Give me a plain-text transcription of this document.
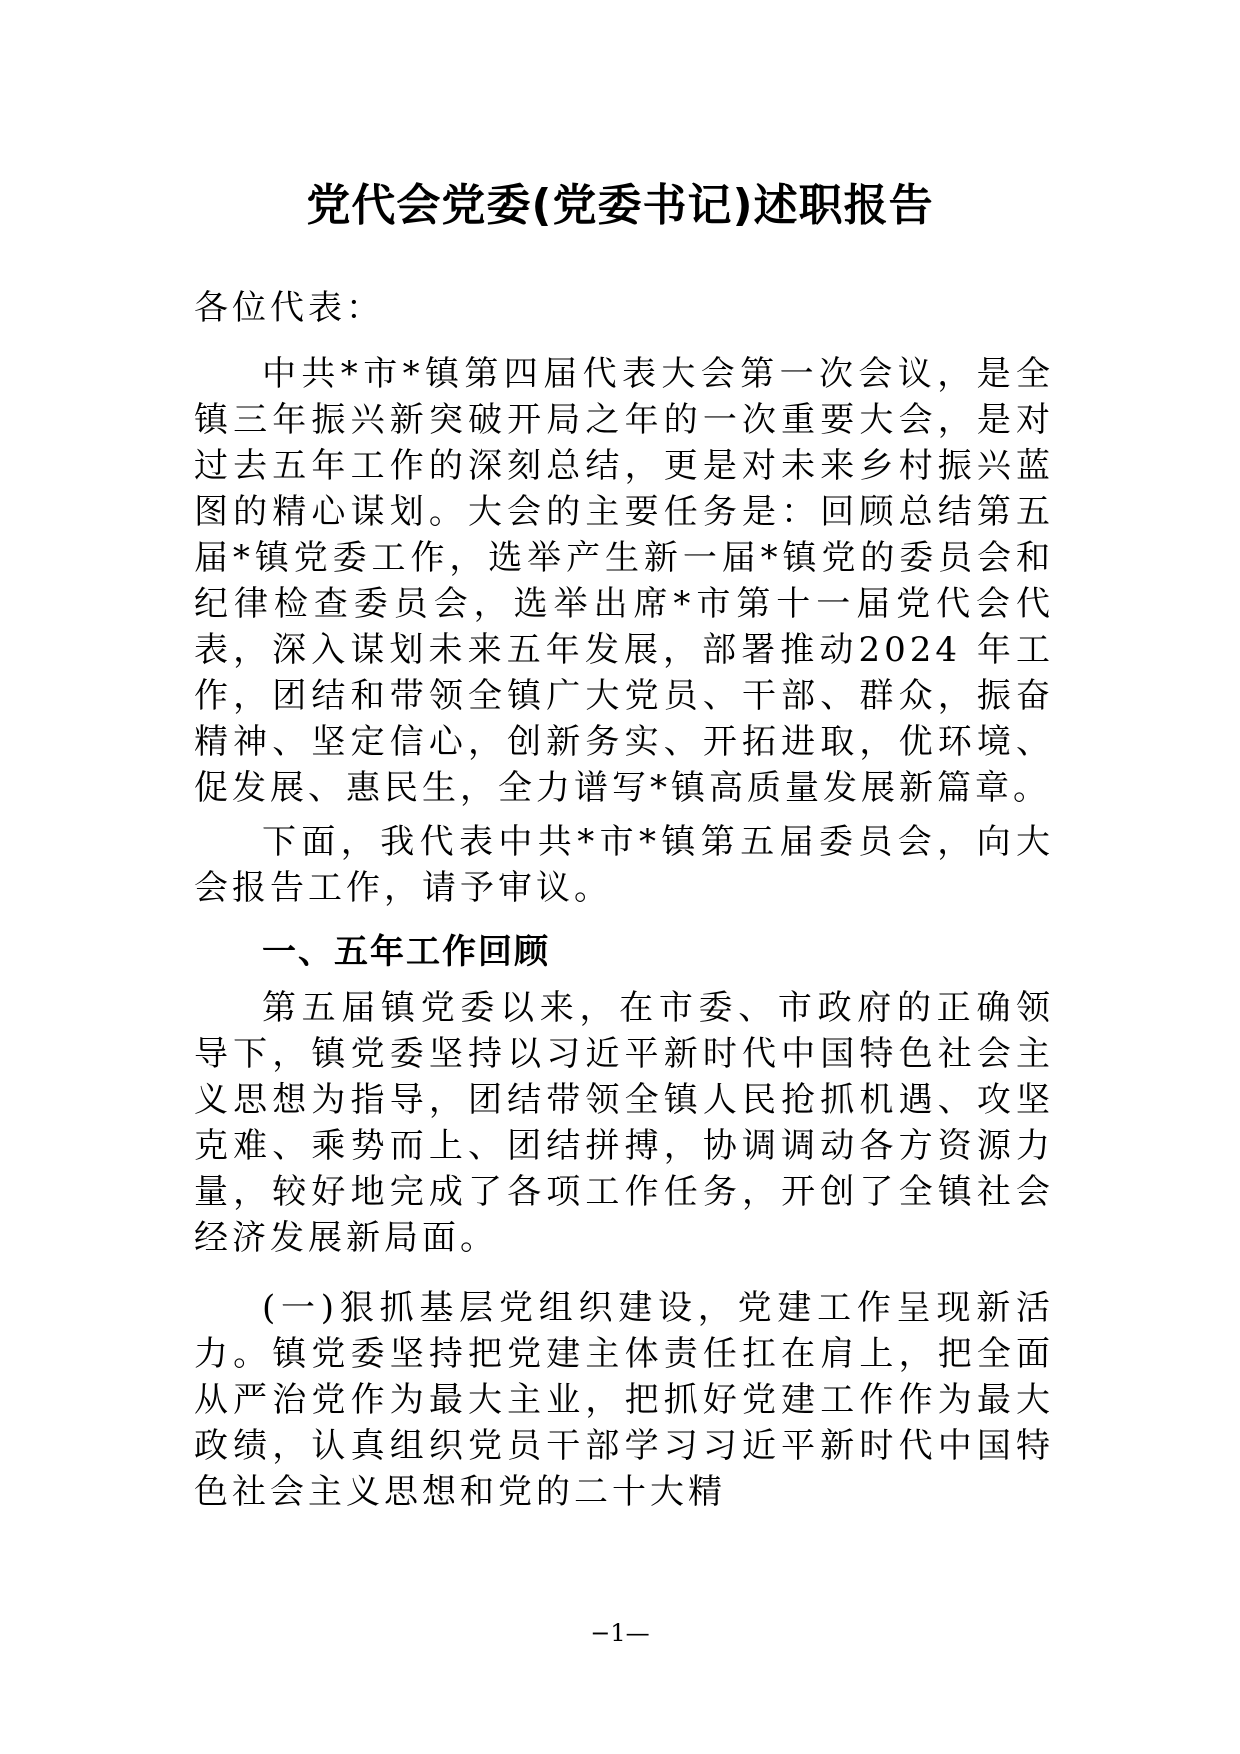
党代会党委(党委书记)述职报告

各位代表：

中共*市*镇第四届代表大会第一次会议，是全镇三年振兴新突破开局之年的一次重要大会，是对过去五年工作的深刻总结，更是对未来乡村振兴蓝图的精心谋划。大会的主要任务是：回顾总结第五届*镇党委工作，选举产生新一届*镇党的委员会和纪律检查委员会，选举出席*市第十一届党代会代表，深入谋划未来五年发展，部署推动2024 年工作，团结和带领全镇广大党员、干部、群众，振奋精神、坚定信心，创新务实、开拓进取，优环境、促发展、惠民生，全力谱写*镇高质量发展新篇章。

下面，我代表中共*市*镇第五届委员会，向大会报告工作，请予审议。

一、五年工作回顾

第五届镇党委以来，在市委、市政府的正确领导下，镇党委坚持以习近平新时代中国特色社会主义思想为指导，团结带领全镇人民抢抓机遇、攻坚克难、乘势而上、团结拼搏，协调调动各方资源力量，较好地完成了各项工作任务，开创了全镇社会经济发展新局面。

(一)狠抓基层党组织建设，党建工作呈现新活力。镇党委坚持把党建主体责任扛在肩上，把全面从严治党作为最大主业，把抓好党建工作作为最大政绩，认真组织党员干部学习习近平新时代中国特色社会主义思想和党的二十大精

−1—
